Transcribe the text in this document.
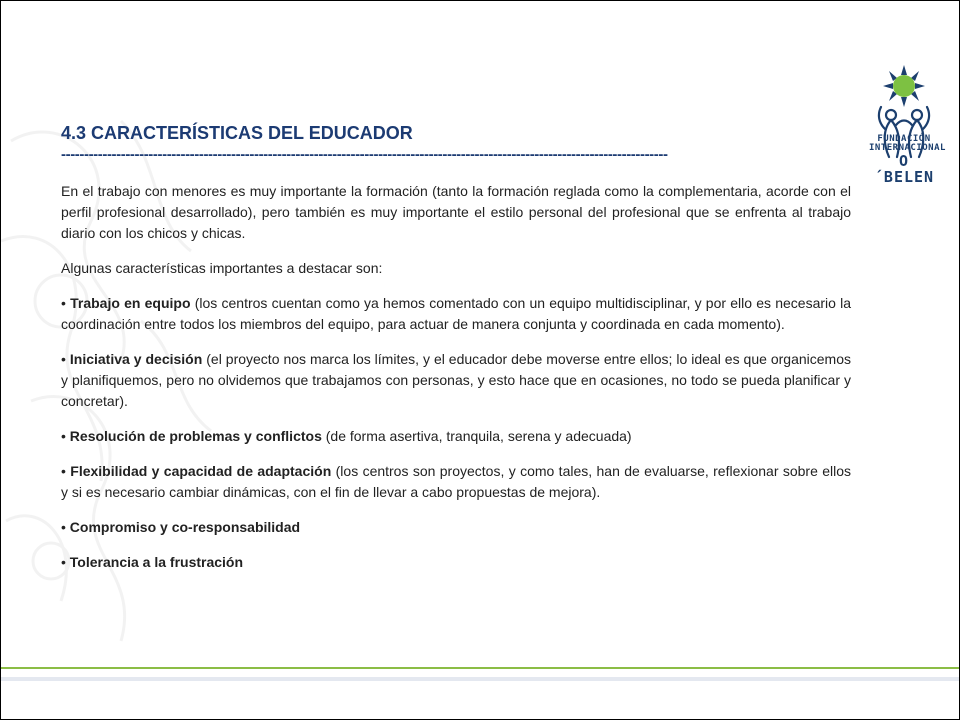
FUNDACIÓN
INTERNACIONAL
O´BELEN
4.3 CARACTERÍSTICAS DEL EDUCADOR
------------------------------------------------------------------------------------------------------------------------------------

En el trabajo con menores es muy importante la formación (tanto la formación reglada como la complementaria, acorde con el perfil profesional desarrollado), pero también es muy importante el estilo personal del profesional que se enfrenta al trabajo diario con los chicos y chicas.

Algunas características importantes a destacar son:

• Trabajo en equipo (los centros cuentan como ya hemos comentado con un equipo multidisciplinar, y por ello es necesario la coordinación entre todos los miembros del equipo, para actuar de manera conjunta y coordinada en cada momento).

• Iniciativa y decisión (el proyecto nos marca los límites, y el educador debe moverse entre ellos; lo ideal es que organicemos y planifiquemos, pero no olvidemos que trabajamos con personas, y esto hace que en ocasiones, no todo se pueda planificar y concretar).

• Resolución de problemas y conflictos (de forma asertiva, tranquila, serena y adecuada)

• Flexibilidad y capacidad de adaptación (los centros son proyectos, y como tales, han de evaluarse, reflexionar sobre ellos y si es necesario cambiar dinámicas, con el fin de llevar a cabo propuestas de mejora).

• Compromiso y co-responsabilidad

• Tolerancia a la frustración
